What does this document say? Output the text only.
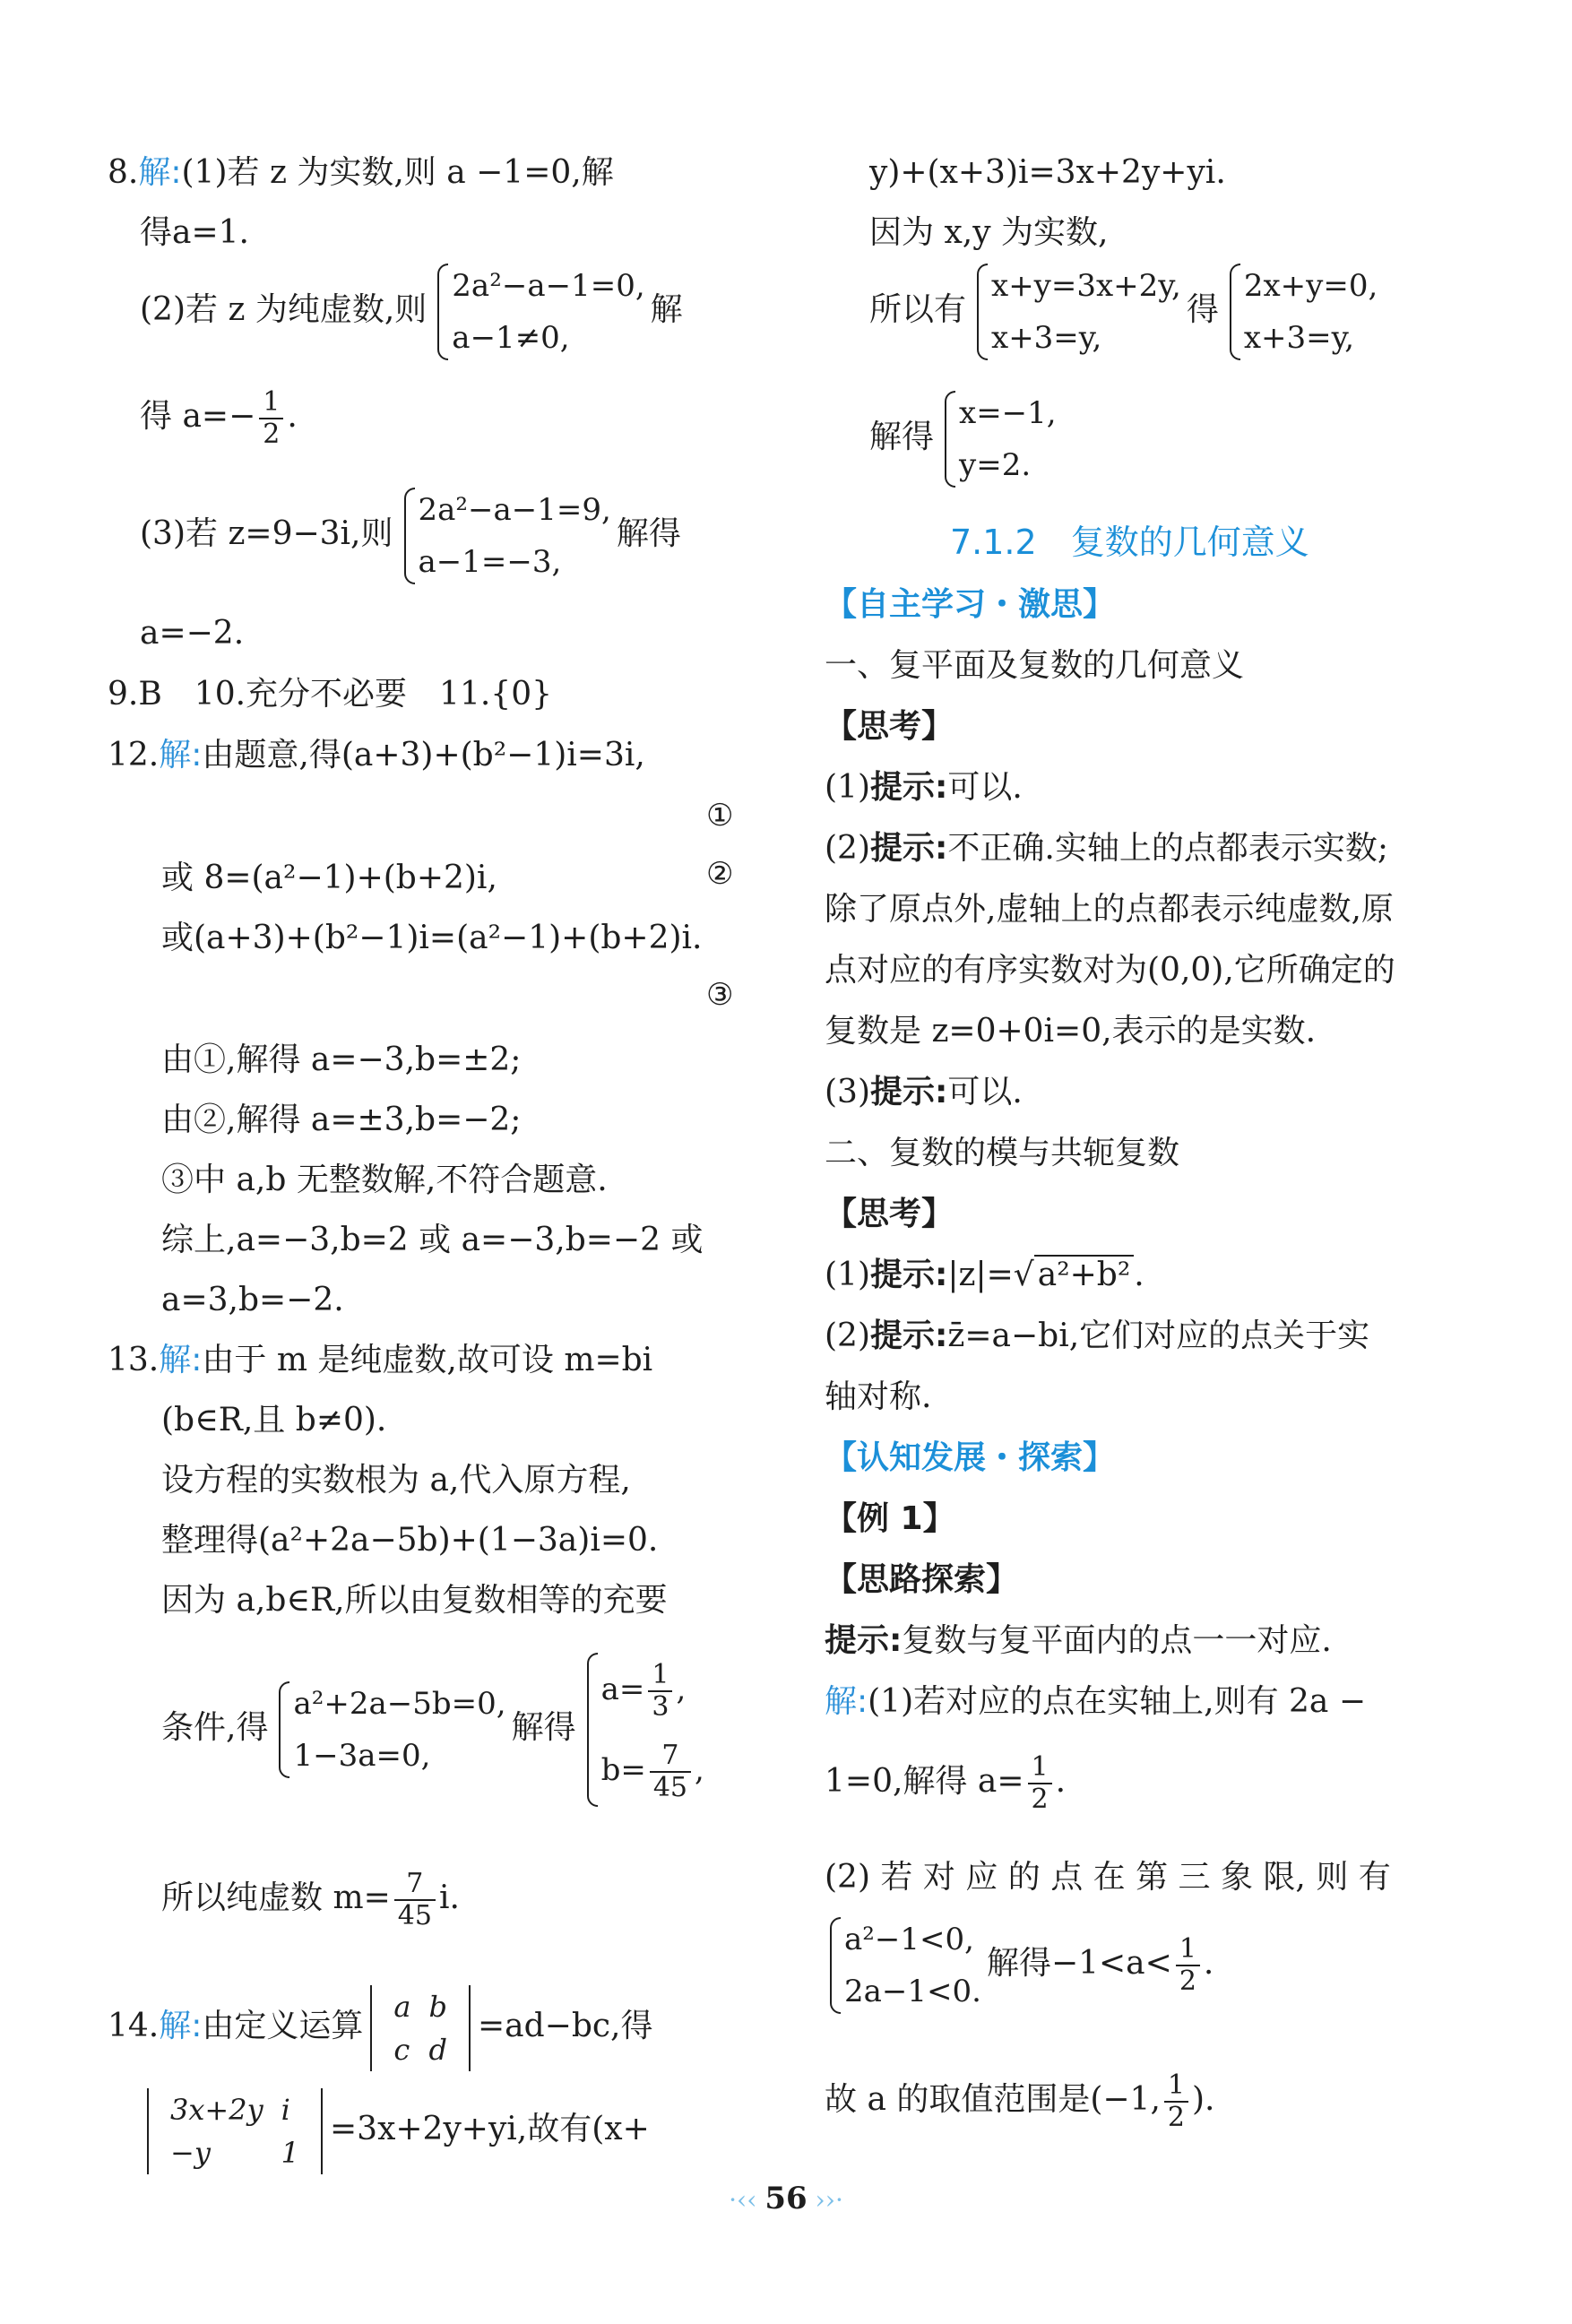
8.解:(1)若 z 为实数,则 a −1=0,解
得a=1.
(2)若 z 为纯虚数,则
2a²−a−1=0,
a−1≠0,
解
得 $a=- \frac{1}{2}$ .
(3)若 z=9−3i,则
2a²−a−1=9,
a−1=−3,
解得
a=−2.
9.B　10.充分不必要　11.{0}
12.解:由题意,得(a+3)+(b²−1)i=3i,
①
或 8=(a²−1)+(b+2)i,	②
或(a+3)+(b²−1)i=(a²−1)+(b+2)i.
③
由①,解得 a=−3,b=±2;
由②,解得 a=±3,b=−2;
③中 a,b 无整数解,不符合题意.
综上,a=−3,b=2 或 a=−3,b=−2 或
a=3,b=−2.
13.解:由于 m 是纯虚数,故可设 m=bi
(b∈R,且 b≠0).
设方程的实数根为 a,代入原方程,
整理得(a²+2a−5b)+(1−3a)i=0.
因为 a,b∈R,所以由复数相等的充要
条件,得
a²+2a−5b=0,
1−3a=0,
解得
$a= \frac{1}{3}$ ,
$b= \frac{7}{45}$ ,
所以纯虚数 $m= \frac{7}{45} i$.
14.解:由定义运算
a	b
c	d
=ad−bc,得
3x+2y	i
−y	1
=3x+2y+yi,故有(x+
y)+(x+3)i=3x+2y+yi.
因为 x,y 为实数,
所以有
x+y=3x+2y,
x+3=y,
得
2x+y=0,
x+3=y,
解得
x=−1,
y=2.
7.1.2　复数的几何意义
【自主学习・激思】
一、复平面及复数的几何意义
【思考】
(1)提示:可以.
(2)提示:不正确.实轴上的点都表示实数;
除了原点外,虚轴上的点都表示纯虚数,原
点对应的有序实数对为(0,0),它所确定的
复数是 z=0+0i=0,表示的是实数.
(3)提示:可以.
二、复数的模与共轭复数
【思考】
(1)提示:|z|=√ a²+b² .
(2)提示:z̄=a−bi,它们对应的点关于实
轴对称.
【认知发展・探索】
【例 1】
【思路探索】
提示:复数与复平面内的点一一对应.
解:(1)若对应的点在实轴上,则有 2a −
1=0,解得 $a= \frac{1}{2}$ .
(2) 若 对 应 的 点 在 第 三 象 限, 则 有
a²−1<0,
2a−1<0.
解得$-1<a< \frac{1}{2}$ .
故 a 的取值范围是(−1, $\frac{1}{2}$ ).
·‹‹ 56 ››·
